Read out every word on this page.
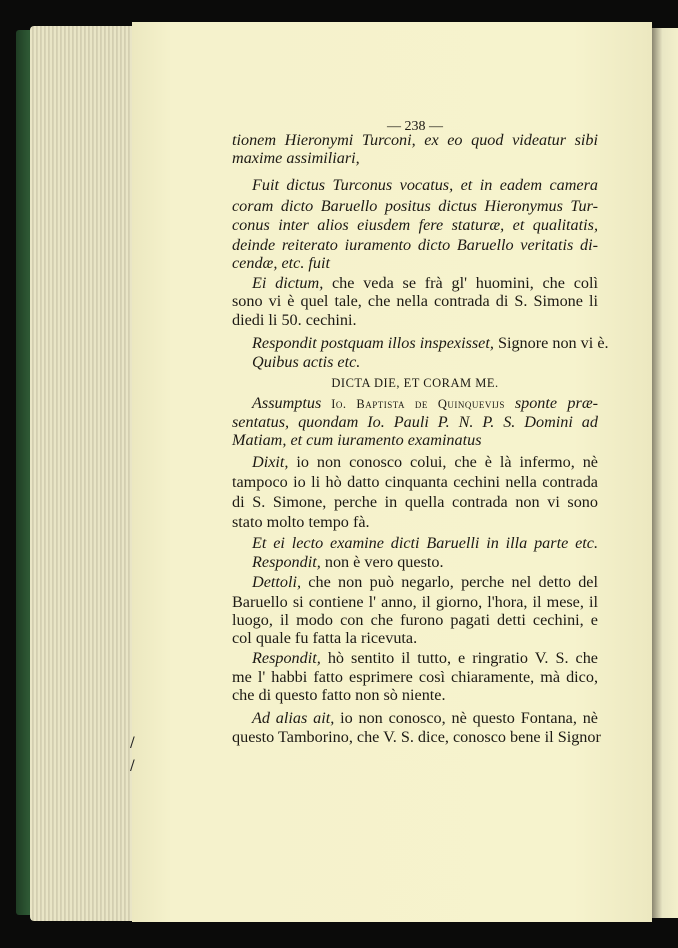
/
/
— 238 —
tionem Hieronymi Turconi, ex eo quod videatur sibi
maxime assimiliari,
Fuit dictus Turconus vocatus, et in eadem camera
coram dicto Baruello positus dictus Hieronymus Tur-
conus inter alios eiusdem fere staturæ, et qualitatis,
deinde reiterato iuramento dicto Baruello veritatis di-
cendæ, etc. fuit
Ei dictum, che veda se frà gl' huomini, che colì
sono vi è quel tale, che nella contrada di S. Simone li
diedi li 50. cechini.
Respondit postquam illos inspexisset, Signore non vi è.
Quibus actis etc.
DICTA DIE, ET CORAM ME.
Assumptus Io. Baptista de Quinquevijs sponte præ-
sentatus, quondam Io. Pauli P. N. P. S. Domini ad
Matiam, et cum iuramento examinatus
Dixit, io non conosco colui, che è là infermo, nè
tampoco io li hò datto cinquanta cechini nella contrada
di S. Simone, perche in quella contrada non vi sono
stato molto tempo fà.
Et ei lecto examine dicti Baruelli in illa parte etc.
Respondit, non è vero questo.
Dettoli, che non può negarlo, perche nel detto del
Baruello si contiene l' anno, il giorno, l'hora, il mese, il
luogo, il modo con che furono pagati detti cechini, e
col quale fu fatta la ricevuta.
Respondit, hò sentito il tutto, e ringratio V. S. che
me l' habbi fatto esprimere così chiaramente, mà dico,
che di questo fatto non sò niente.
Ad alias ait, io non conosco, nè questo Fontana, nè
questo Tamborino, che V. S. dice, conosco bene il Signor
